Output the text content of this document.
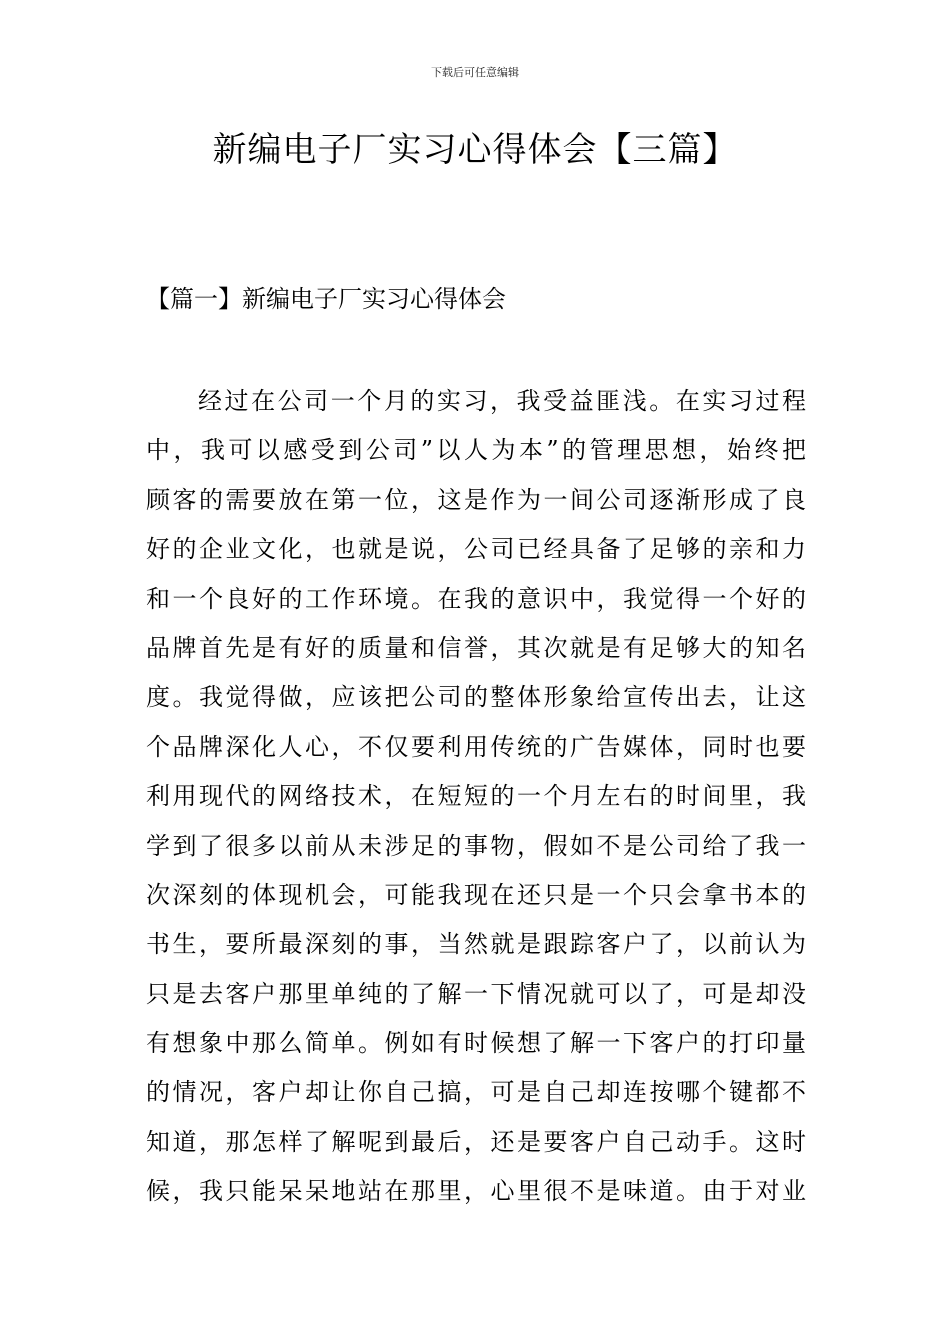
下载后可任意编辑
新编电子厂实习心得体会【三篇】
【篇一】新编电子厂实习心得体会
经过在公司一个月的实习，我受益匪浅。在实习过程
中，我可以感受到公司”以人为本”的管理思想，始终把
顾客的需要放在第一位，这是作为一间公司逐渐形成了良
好的企业文化，也就是说，公司已经具备了足够的亲和力
和一个良好的工作环境。在我的意识中，我觉得一个好的
品牌首先是有好的质量和信誉，其次就是有足够大的知名
度。我觉得做，应该把公司的整体形象给宣传出去，让这
个品牌深化人心，不仅要利用传统的广告媒体，同时也要
利用现代的网络技术，在短短的一个月左右的时间里，我
学到了很多以前从未涉足的事物，假如不是公司给了我一
次深刻的体现机会，可能我现在还只是一个只会拿书本的
书生，要所最深刻的事，当然就是跟踪客户了，以前认为
只是去客户那里单纯的了解一下情况就可以了，可是却没
有想象中那么简单。例如有时候想了解一下客户的打印量
的情况，客户却让你自己搞，可是自己却连按哪个键都不
知道，那怎样了解呢到最后，还是要客户自己动手。这时
候，我只能呆呆地站在那里，心里很不是味道。由于对业
